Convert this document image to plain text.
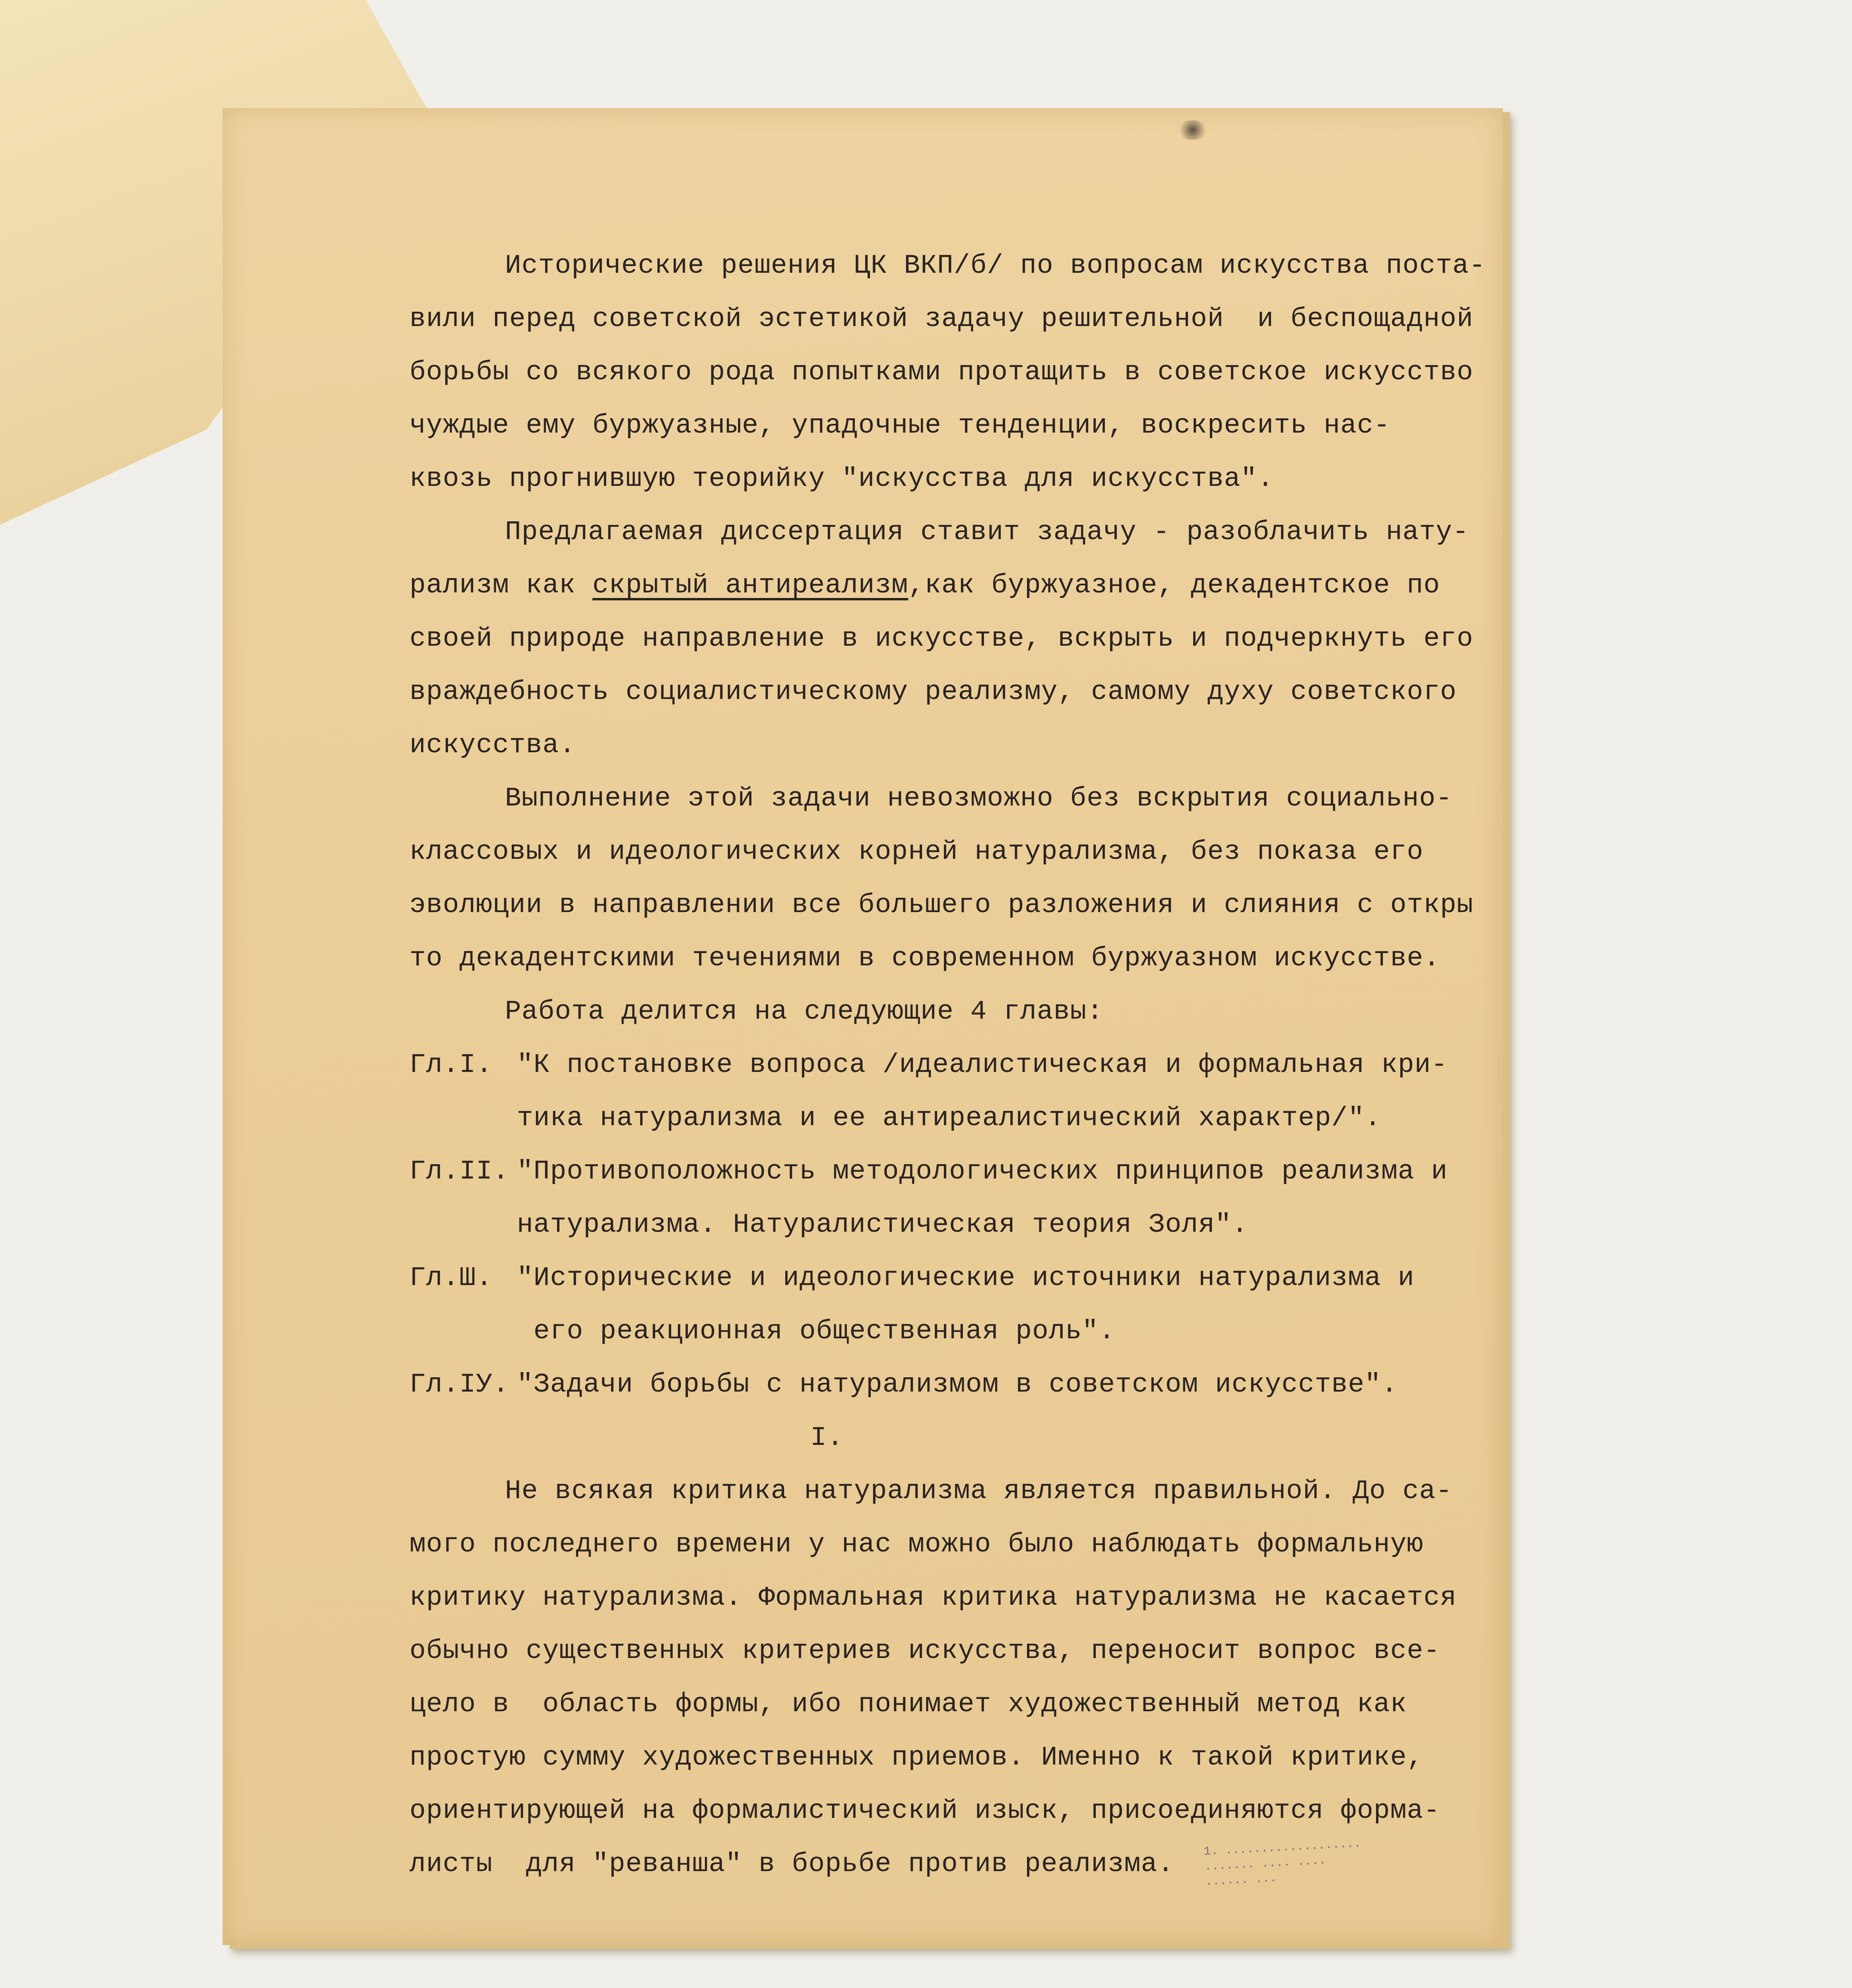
Исторические решения ЦК ВКП/б/ по вопросам искусства поста-
вили перед советской эстетикой задачу решительной  и беспощадной
борьбы со всякого рода попытками протащить в советское искусство
чуждые ему буржуазные, упадочные тенденции, воскресить нас-
квозь прогнившую теорийку "искусства для искусства".
Предлагаемая диссертация ставит задачу - разоблачить нату-
рализм как скрытый антиреализм,как буржуазное, декадентское по
своей природе направление в искусстве, вскрыть и подчеркнуть его
враждебность социалистическому реализму, самому духу советского
искусства.
Выполнение этой задачи невозможно без вскрытия социально-
классовых и идеологических корней натурализма, без показа его
эволюции в направлении все большего разложения и слияния с откры
то декадентскими течениями в современном буржуазном искусстве.
Работа делится на следующие 4 главы:
Гл.I. "К постановке вопроса /идеалистическая и формальная кри-
тика натурализма и ее антиреалистический характер/".
Гл.II. "Противоположность методологических принципов реализма и
натурализма. Натуралистическая теория Золя".
Гл.Ш. "Исторические и идеологические источники натурализма и
его реакционная общественная роль".
Гл.IУ. "Задачи борьбы с натурализмом в советском искусстве".
I.
Не всякая критика натурализма является правильной. До са-
мого последнего времени у нас можно было наблюдать формальную
критику натурализма. Формальная критика натурализма не касается
обычно существенных критериев искусства, переносит вопрос все-
цело в  область формы, ибо понимает художественный метод как
простую сумму художественных приемов. Именно к такой критике,
ориентирующей на формалистический изыск, присоединяются форма-
листы  для "реванша" в борьбе против реализма.
1. ...................
....... .... ....
...... ...
